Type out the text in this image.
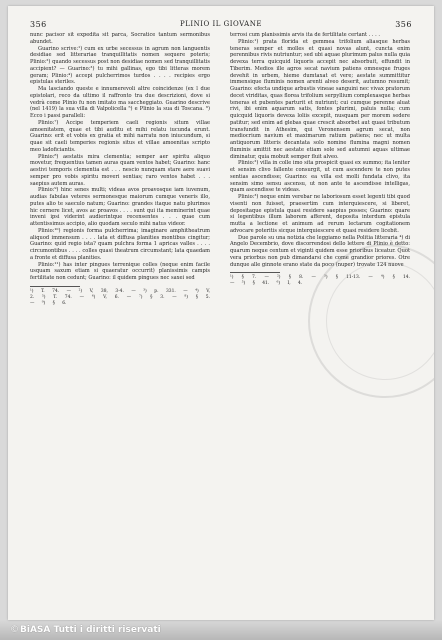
356	PLINIO IL GIOVANE	356

nunc pacisor sit expedita sit parca, Socratice tantum sermonibus abundet.

Guarino scrive:¹) cum ex urbe secessus in agrum non languentis desidiae sed litterariae tranquillitatis nomen sequere poteris; Plinio:²) quando secessus post non desidiae nomen sed tranquillitatis accipient? — Guarino:³) tu mihi gallinas, ego tibi litteras morem geram; Plinio:⁴) accepi pulcherrimos turdos . . . . recipies ergo epistulas steriles.

Ma lasciando queste e innumerevoli altre coincidenze (ex l due epistolari, reco da ultimo il raffronto tra due descrizioni, dove si vedrà come Plinio fu non imitato ma saccheggiato. Guarino descrive (nel 1419) la sua villa di Valpolicella ⁵) e Plinio la sua di Toscana. ⁶) Ecco i passi paralleli:

Plinio:⁷) Accipe temperiem caeli regionis situm villae amoenitatem, quae et tibi auditu et mihi relatu iucunda erunt. Guarino: erit et vobis ex gratia et mihi narratu non iniucundum, si quae sit caeli temperies regionis situs et villae amoenitas scripto meo ladoficiantis.

Plinio:⁸) aestatis mira clementia; semper aer spiritu aliquo movetur, frequentius tamen auras quam ventos habet; Guarino: hanc aestivi temporis clementia est . . . nescio nunquam stare aere suavi semper pro vobis spiritu moveri sentias; raro ventos habet . . . saepius autem auras.

Plinio:⁹) hinc senes multi; videas avos proavosque iam iuvenum, audias fabulas veteres sermonesque maiorum cumque veneris illo, putes alio te saeculo natum; Guarino: grandes itaque natu plurimos hic cernere licet, avos ac proavos . . . . sunt qui ita meminerint quae inveni ipsi viderint audierintque recensentes . . . quae cum attentissimus accipio, alio quodam seculo mihi natus videor.

Plinio:¹⁰) regionis forma pulcherrima; imaginare amphitheatrum aliquod immensum . . . . lata et diffusa planities montibus cingitur; Guarino: quid regio ista? quam pulchra forma 1 apricas valles . . . . circumontibus . . . . colles quasi theatrum circumstant; lata quaedam a fronte et diffusa planities.

Plinio:¹¹) has inter pingues terrenique colles (neque enim facile usquam saxum etiam si quaeratur occurrit) planissimis campis fertilitate non cedunt; Guarino: il quidem pingues nec saxei sed

¹) T. 74. — ²) V, 38, 3-4. — ³) p. 331. — ⁴) V, 2. ⁵) T. 74. — ⁶) V, 6. — ⁷) § 3. — ⁸) § 5. — ⁹) § 6.

terrosi cum planissimis arvis ita de fertilitate certant . . . .

Plinio:¹) prata florida et gemmea trifolium aliasque herbas teneras semper et molles et quasi novas alunt, cuncta enim perennibus rivis nutriuntur; sed ubi aquae plurimum palus nulla quia devexa terra quicquid liquoris accepit nec absorbuit, effundit in Tiberim. Medios ille agros secat navium patiens omnesque fruges devehit in urbem, hieme dumtaxat et vere; aestate summittitur immensique fluminis nomen arenti alveo deserit, autumno resumit; Guarino: efecta undique arbustis vineae sanguini nec vivax pratorum decet viriditas, quas florea trifolium serpyllium complexasque herbas teneras et pubentes parturit et nutriunt; cui cumque perenne aluat rivi, ibi enim aquarum satis, fontes plurimi, paluis nulla; cum quicquid liquoris devexa loliis excepit, nusquam per morem sedere patitur; sed enim ad glebas quae crescit absorbet aut quasi tributum transfundit in Athesim, qui Veronensem agrum secat, non mediocrium navium et maximarum ratium patiens; nec ut multa antiquorum litteris decantata solo nomine flumina magni nomen fluminis amittit nec aestate etiam sole sed autumni aquas ultimae diminatur, quia mobuit semper fluit alveo.

Plinio:²) villa in colle imo sita prospicit quasi ex summo; ita leniter et sensim clivo fallente consurgit, ut cum ascendere te non putes sentias ascendisse; Guarino: ea villa est molli fundata clivo, ita sensim simo sensu ascensu, ut non ante te ascendisse intelligas, quam ascendisse te videas.

Plinio:³) neque enim verebar ne laboriosum esset legenti tibi quod visenti non fuisset, praesertim cum interquiescere, si liberet, depositaque epistula quasi residere saepius posses; Guarino: quare si legentibus illum laborem afferent, deposita interdum epistula mutta a lectione et animum ad rerum lectarum cogitationem advocare poteritis sicque interquiescere et quasi residere licebit.

Due parole su una notizia che leggiamo nella Politia litteraria ⁴) di Angelo Decembrio, dove discorrendosi dello lettere di Plinio è detto: quarum neque centum et viginti quidem esse prioribus liceatur. Quot vera priorbus non pub dimandarsi che come grandior priores. Otre dunque alle ginnote erano state da poco (nuper) trovate 124 nuove

¹) § 7. — ²) § 8. — ³) § 11-13. — ⁴) § 14. — ⁵) § 41. ⁶) I, 4.
© BiASA Tutti i diritti riservati
